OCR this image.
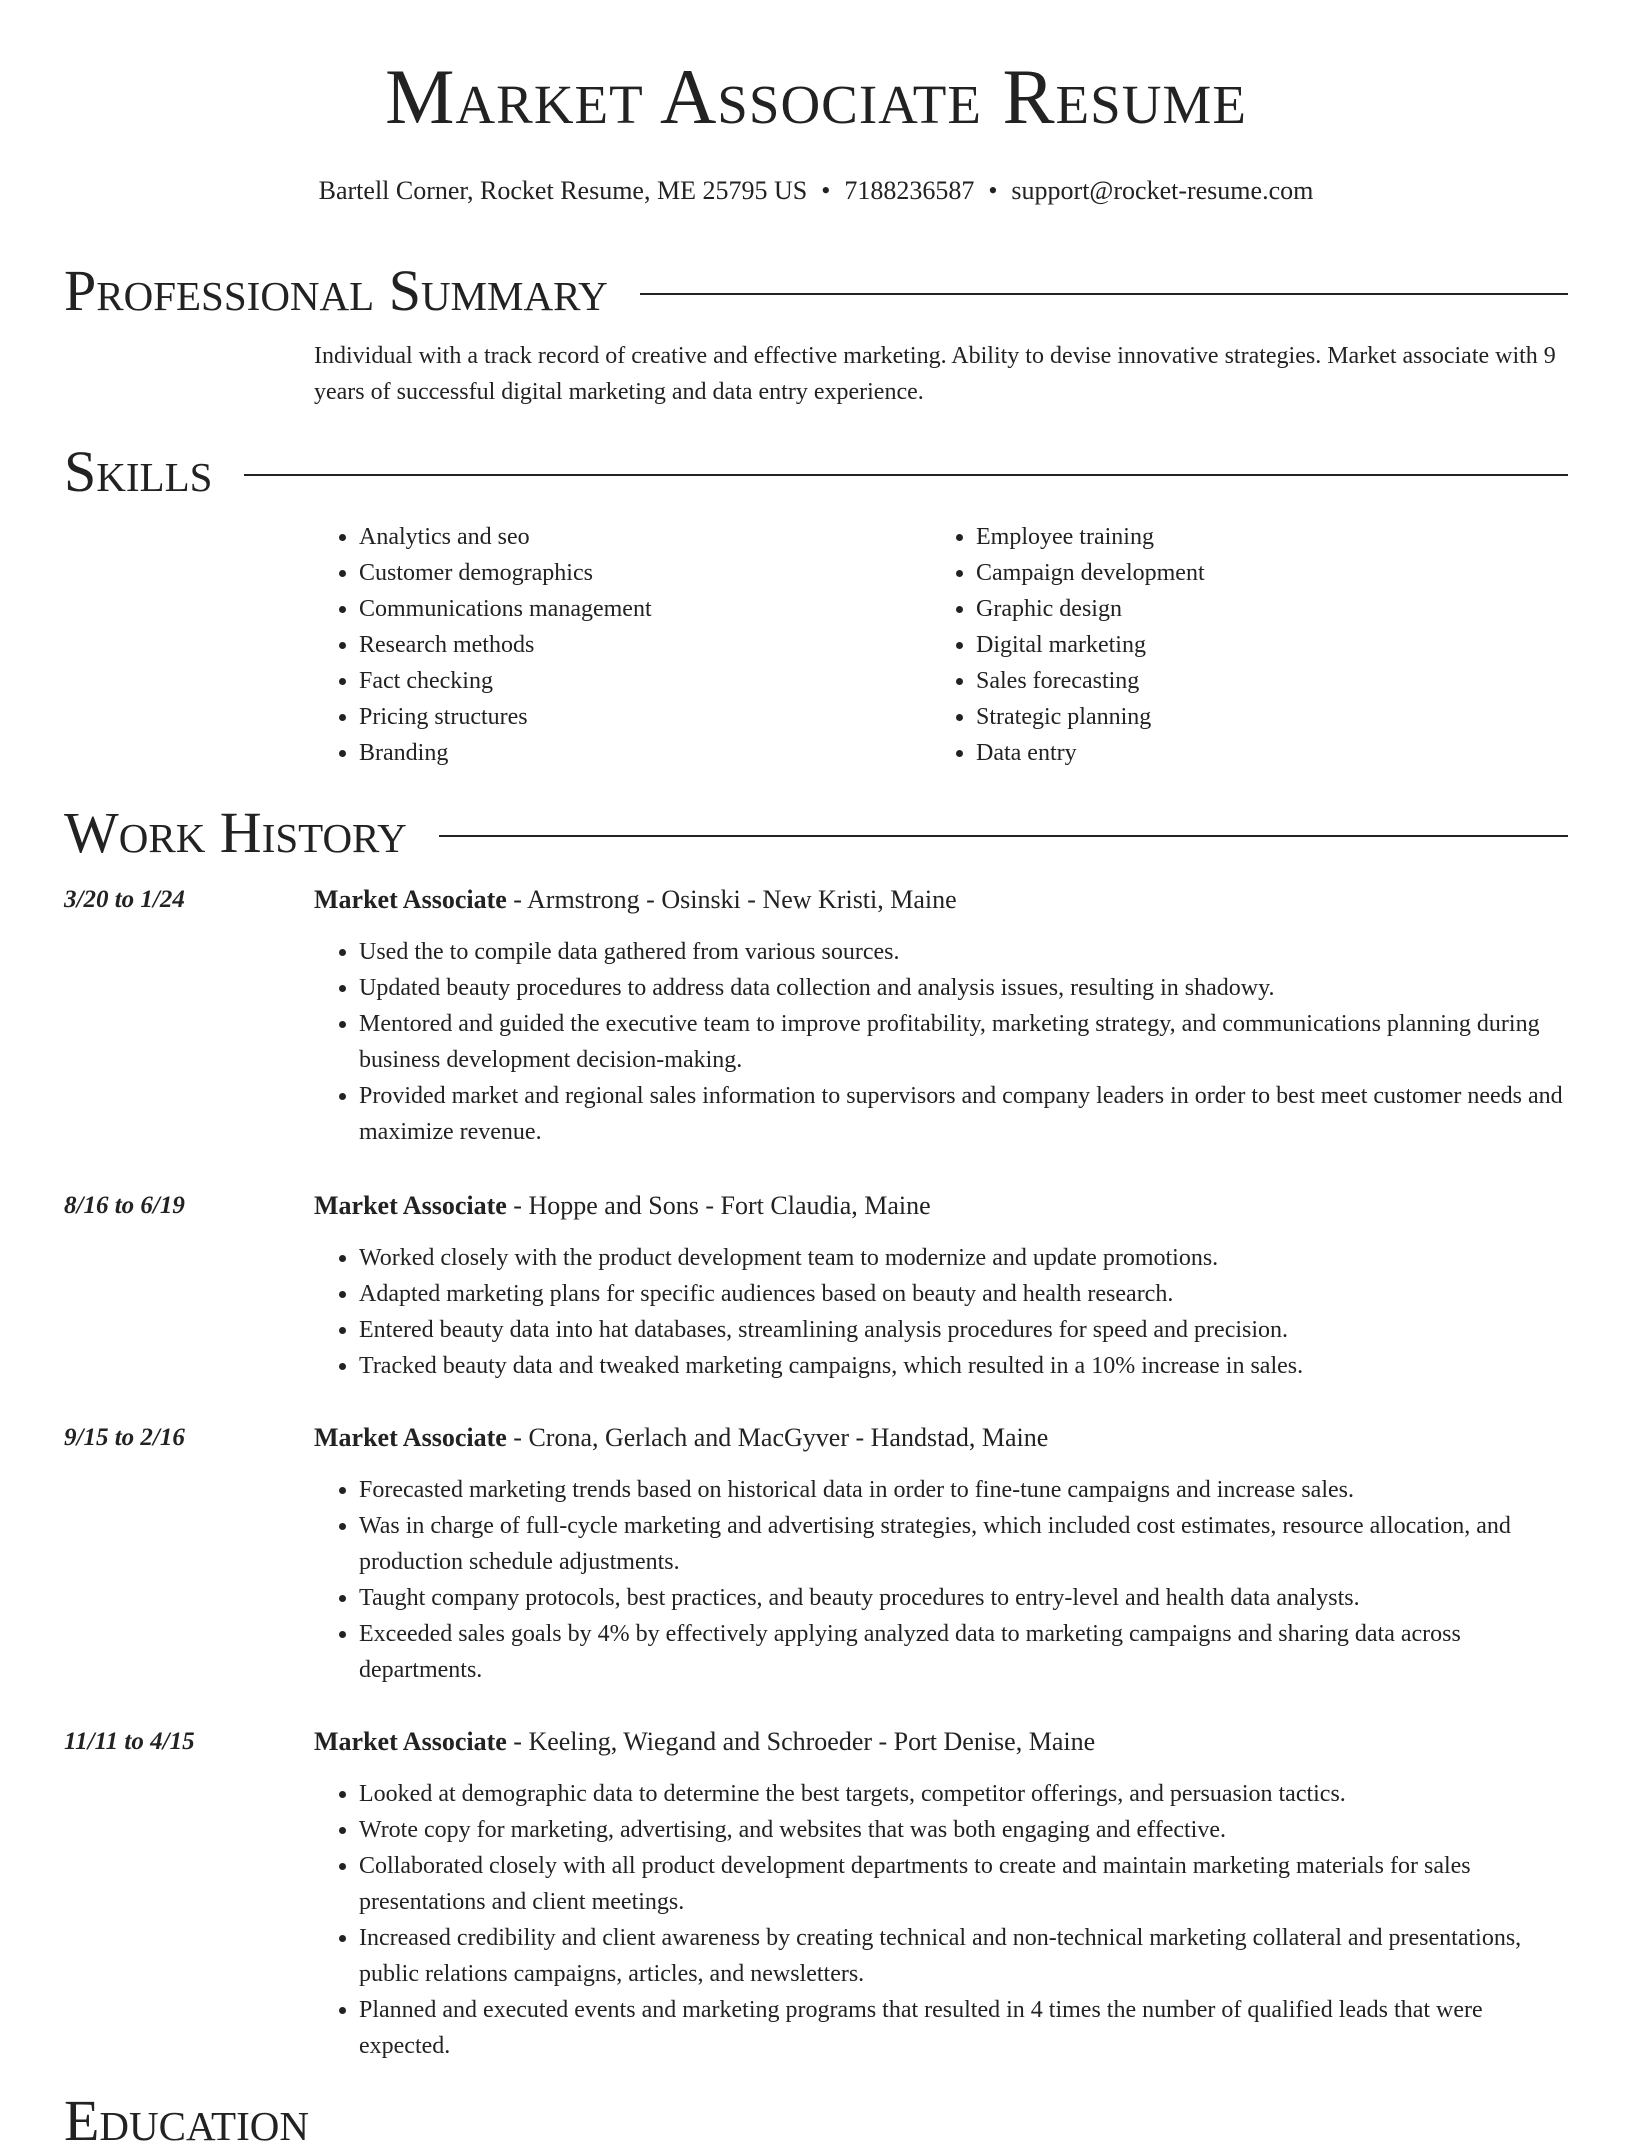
Market Associate Resume
Bartell Corner, Rocket Resume, ME 25795 US • 7188236587 • support@rocket-resume.com
Professional Summary
Individual with a track record of creative and effective marketing. Ability to devise innovative strategies. Market associate with 9 years of successful digital marketing and data entry experience.
Skills
• Analytics and seo
• Customer demographics
• Communications management
• Research methods
• Fact checking
• Pricing structures
• Branding
• Employee training
• Campaign development
• Graphic design
• Digital marketing
• Sales forecasting
• Strategic planning
• Data entry
Work History
3/20 to 1/24	Market Associate - Armstrong - Osinski - New Kristi, Maine
• Used the to compile data gathered from various sources.
• Updated beauty procedures to address data collection and analysis issues, resulting in shadowy.
• Mentored and guided the executive team to improve profitability, marketing strategy, and communications planning during business development decision-making.
• Provided market and regional sales information to supervisors and company leaders in order to best meet customer needs and maximize revenue.
8/16 to 6/19	Market Associate - Hoppe and Sons - Fort Claudia, Maine
• Worked closely with the product development team to modernize and update promotions.
• Adapted marketing plans for specific audiences based on beauty and health research.
• Entered beauty data into hat databases, streamlining analysis procedures for speed and precision.
• Tracked beauty data and tweaked marketing campaigns, which resulted in a 10% increase in sales.
9/15 to 2/16	Market Associate - Crona, Gerlach and MacGyver - Handstad, Maine
• Forecasted marketing trends based on historical data in order to fine-tune campaigns and increase sales.
• Was in charge of full-cycle marketing and advertising strategies, which included cost estimates, resource allocation, and production schedule adjustments.
• Taught company protocols, best practices, and beauty procedures to entry-level and health data analysts.
• Exceeded sales goals by 4% by effectively applying analyzed data to marketing campaigns and sharing data across departments.
11/11 to 4/15	Market Associate - Keeling, Wiegand and Schroeder - Port Denise, Maine
• Looked at demographic data to determine the best targets, competitor offerings, and persuasion tactics.
• Wrote copy for marketing, advertising, and websites that was both engaging and effective.
• Collaborated closely with all product development departments to create and maintain marketing materials for sales presentations and client meetings.
• Increased credibility and client awareness by creating technical and non-technical marketing collateral and presentations, public relations campaigns, articles, and newsletters.
• Planned and executed events and marketing programs that resulted in 4 times the number of qualified leads that were expected.
Education
